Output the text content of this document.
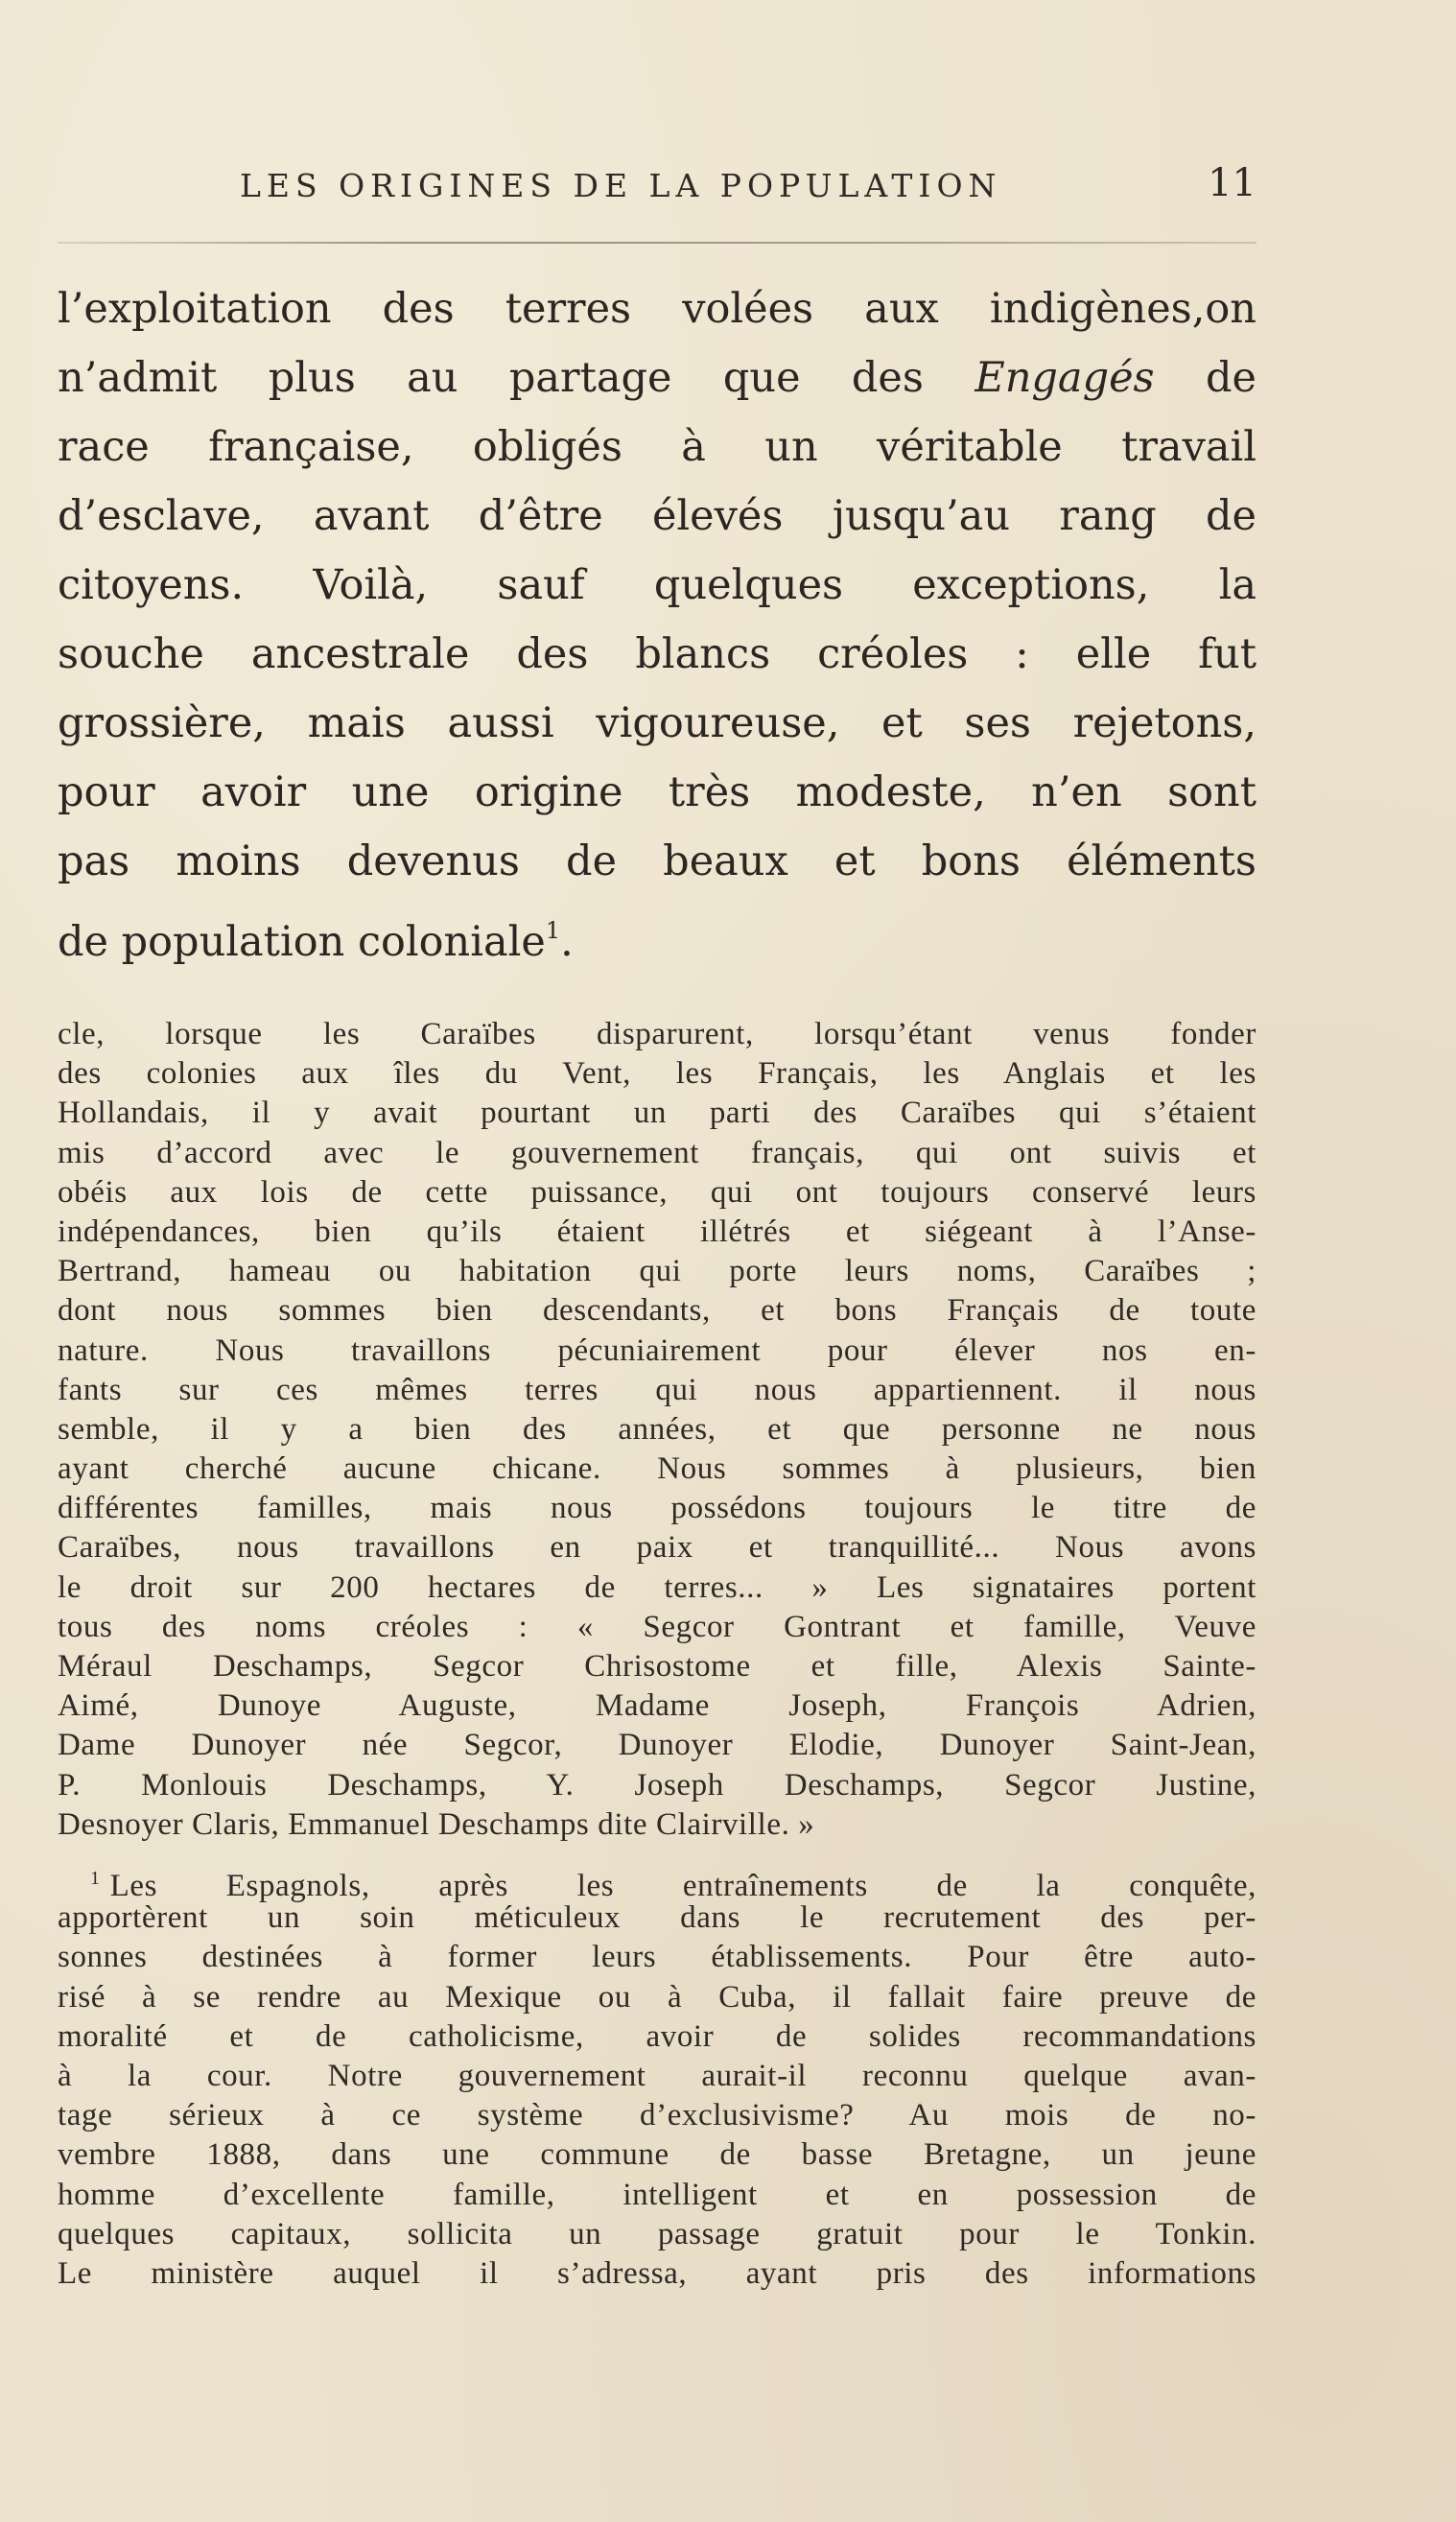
LES ORIGINES DE LA POPULATION	11
l’exploitation des terres volées aux indigènes,on
n’admit plus au partage que des Engagés de
race française, obligés à un véritable travail
d’esclave, avant d’être élevés jusqu’au rang de
citoyens. Voilà, sauf quelques exceptions, la
souche ancestrale des blancs créoles : elle fut
grossière, mais aussi vigoureuse, et ses rejetons,
pour avoir une origine très modeste, n’en sont
pas moins devenus de beaux et bons éléments
de population coloniale$^1$.
cle, lorsque les Caraïbes disparurent, lorsqu’étant venus fonder
des colonies aux îles du Vent, les Français, les Anglais et les
Hollandais, il y avait pourtant un parti des Caraïbes qui s’étaient
mis d’accord avec le gouvernement français, qui ont suivis et
obéis aux lois de cette puissance, qui ont toujours conservé leurs
indépendances, bien qu’ils étaient illétrés et siégeant à l’Anse-
Bertrand, hameau ou habitation qui porte leurs noms, Caraïbes ;
dont nous sommes bien descendants, et bons Français de toute
nature. Nous travaillons pécuniairement pour élever nos en-
fants sur ces mêmes terres qui nous appartiennent. il nous
semble, il y a bien des années, et que personne ne nous
ayant cherché aucune chicane. Nous sommes à plusieurs, bien
différentes familles, mais nous possédons toujours le titre de
Caraïbes, nous travaillons en paix et tranquillité... Nous avons
le droit sur 200 hectares de terres... » Les signataires portent
tous des noms créoles : « Segcor Gontrant et famille, Veuve
Méraul Deschamps, Segcor Chrisostome et fille, Alexis Sainte-
Aimé, Dunoye Auguste, Madame Joseph, François Adrien,
Dame Dunoyer née Segcor, Dunoyer Elodie, Dunoyer Saint-Jean,
P. Monlouis Deschamps, Y. Joseph Deschamps, Segcor Justine,
Desnoyer Claris, Emmanuel Deschamps dite Clairville. »
$^1$ Les Espagnols, après les entraînements de la conquête,
apportèrent un soin méticuleux dans le recrutement des per-
sonnes destinées à former leurs établissements. Pour être auto-
risé à se rendre au Mexique ou à Cuba, il fallait faire preuve de
moralité et de catholicisme, avoir de solides recommandations
à la cour. Notre gouvernement aurait-il reconnu quelque avan-
tage sérieux à ce système d’exclusivisme? Au mois de no-
vembre 1888, dans une commune de basse Bretagne, un jeune
homme d’excellente famille, intelligent et en possession de
quelques capitaux, sollicita un passage gratuit pour le Tonkin.
Le ministère auquel il s’adressa, ayant pris des informations
